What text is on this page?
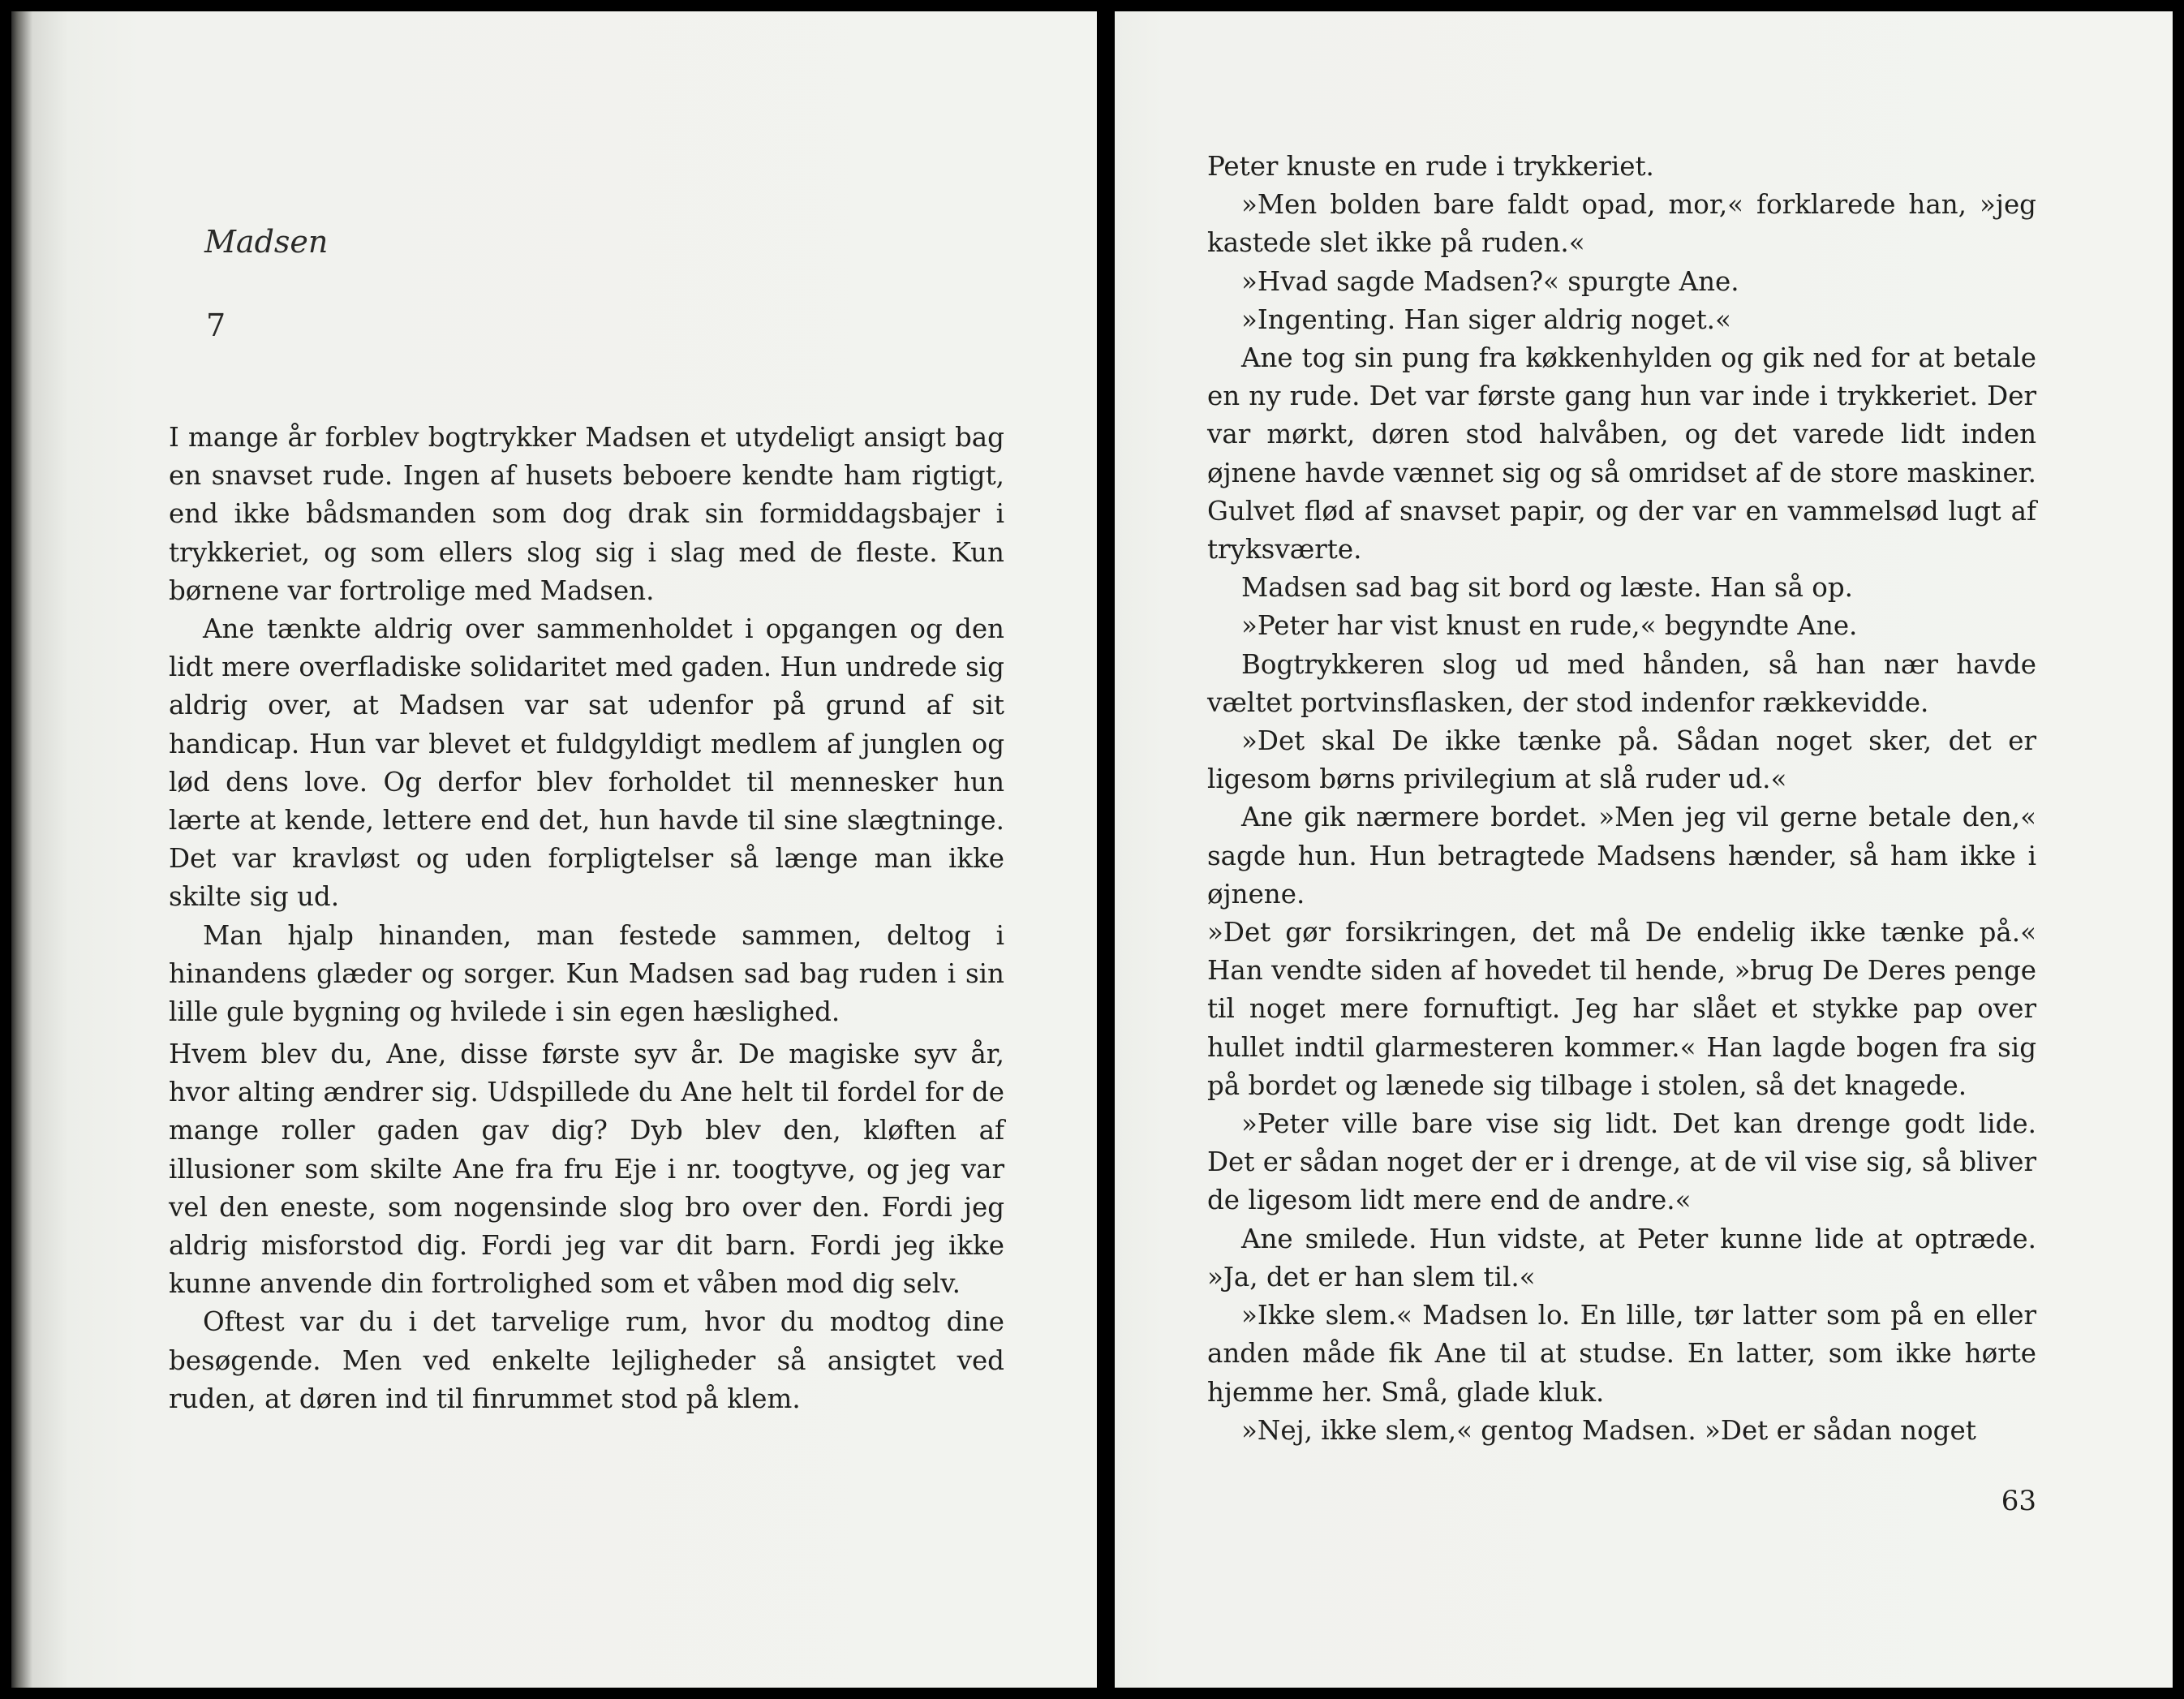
Madsen
7

I mange år forblev bogtrykker Madsen et utydeligt ansigt bag en snavset rude. Ingen af husets beboere kendte ham rigtigt, end ikke bådsmanden som dog drak sin formiddagsbajer i trykkeriet, og som ellers slog sig i slag med de fleste. Kun børnene var fortrolige med Madsen.

Ane tænkte aldrig over sammenholdet i opgangen og den lidt mere overfladiske solidaritet med gaden. Hun undrede sig aldrig over, at Madsen var sat udenfor på grund af sit handicap. Hun var blevet et fuldgyldigt medlem af junglen og lød dens love. Og derfor blev forholdet til mennesker hun lærte at kende, lettere end det, hun havde til sine slægtninge. Det var kravløst og uden forpligtelser så længe man ikke skilte sig ud.

Man hjalp hinanden, man festede sammen, deltog i hinandens glæder og sorger. Kun Madsen sad bag ruden i sin lille gule bygning og hvilede i sin egen hæslighed.

Hvem blev du, Ane, disse første syv år. De magiske syv år, hvor alting ændrer sig. Udspillede du Ane helt til fordel for de mange roller gaden gav dig? Dyb blev den, kløften af illusioner som skilte Ane fra fru Eje i nr. toogtyve, og jeg var vel den eneste, som nogensinde slog bro over den. Fordi jeg aldrig misforstod dig. Fordi jeg var dit barn. Fordi jeg ikke kunne anvende din fortrolighed som et våben mod dig selv.

Oftest var du i det tarvelige rum, hvor du modtog dine besøgende. Men ved enkelte lejligheder så ansigtet ved ruden, at døren ind til finrummet stod på klem.

Peter knuste en rude i trykkeriet.

»Men bolden bare faldt opad, mor,« forklarede han, »jeg kastede slet ikke på ruden.«

»Hvad sagde Madsen?« spurgte Ane.

»Ingenting. Han siger aldrig noget.«

Ane tog sin pung fra køkkenhylden og gik ned for at betale en ny rude. Det var første gang hun var inde i trykkeriet. Der var mørkt, døren stod halvåben, og det varede lidt inden øjnene havde vænnet sig og så omridset af de store maskiner. Gulvet flød af snavset papir, og der var en vammelsød lugt af tryksværte.

Madsen sad bag sit bord og læste. Han så op.

»Peter har vist knust en rude,« begyndte Ane.

Bogtrykkeren slog ud med hånden, så han nær havde væltet portvinsflasken, der stod indenfor rækkevidde.

»Det skal De ikke tænke på. Sådan noget sker, det er ligesom børns privilegium at slå ruder ud.«

Ane gik nærmere bordet. »Men jeg vil gerne betale den,« sagde hun. Hun betragtede Madsens hænder, så ham ikke i øjnene.

»Det gør forsikringen, det må De endelig ikke tænke på.« Han vendte siden af hovedet til hende, »brug De Deres penge til noget mere fornuftigt. Jeg har slået et stykke pap over hullet indtil glarmesteren kommer.« Han lagde bogen fra sig på bordet og lænede sig tilbage i stolen, så det knagede.

»Peter ville bare vise sig lidt. Det kan drenge godt lide. Det er sådan noget der er i drenge, at de vil vise sig, så bliver de ligesom lidt mere end de andre.«

Ane smilede. Hun vidste, at Peter kunne lide at optræde. »Ja, det er han slem til.«

»Ikke slem.« Madsen lo. En lille, tør latter som på en eller anden måde fik Ane til at studse. En latter, som ikke hørte hjemme her. Små, glade kluk.

»Nej, ikke slem,« gentog Madsen. »Det er sådan noget

63
